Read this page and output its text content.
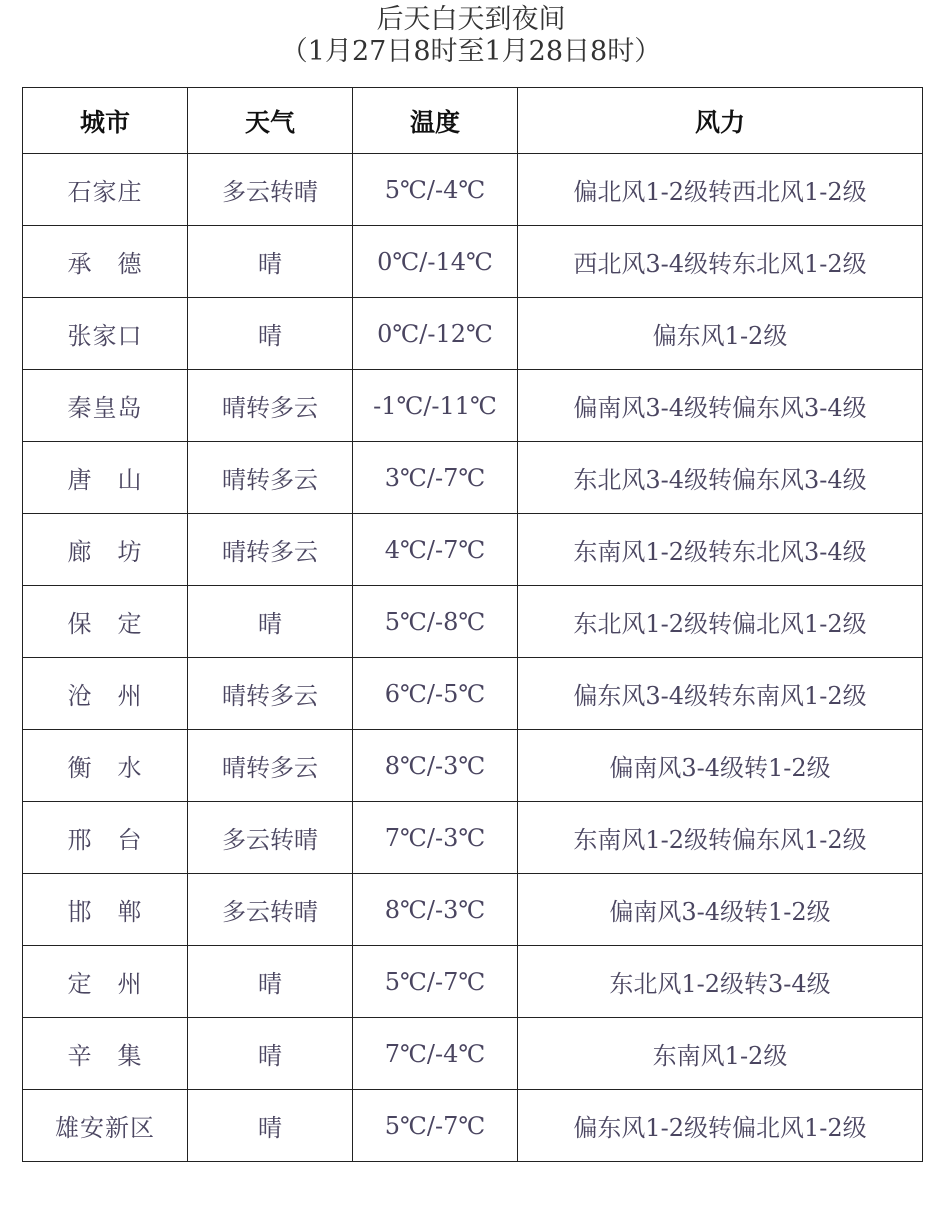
后天白天到夜间
（1月27日8时至1月28日8时）
城市	天气	温度	风力
石家庄	多云转晴	5℃/-4℃	偏北风1-2级转西北风1-2级
承　德	晴	0℃/-14℃	西北风3-4级转东北风1-2级
张家口	晴	0℃/-12℃	偏东风1-2级
秦皇岛	晴转多云	-1℃/-11℃	偏南风3-4级转偏东风3-4级
唐　山	晴转多云	3℃/-7℃	东北风3-4级转偏东风3-4级
廊　坊	晴转多云	4℃/-7℃	东南风1-2级转东北风3-4级
保　定	晴	5℃/-8℃	东北风1-2级转偏北风1-2级
沧　州	晴转多云	6℃/-5℃	偏东风3-4级转东南风1-2级
衡　水	晴转多云	8℃/-3℃	偏南风3-4级转1-2级
邢　台	多云转晴	7℃/-3℃	东南风1-2级转偏东风1-2级
邯　郸	多云转晴	8℃/-3℃	偏南风3-4级转1-2级
定　州	晴	5℃/-7℃	东北风1-2级转3-4级
辛　集	晴	7℃/-4℃	东南风1-2级
雄安新区	晴	5℃/-7℃	偏东风1-2级转偏北风1-2级
